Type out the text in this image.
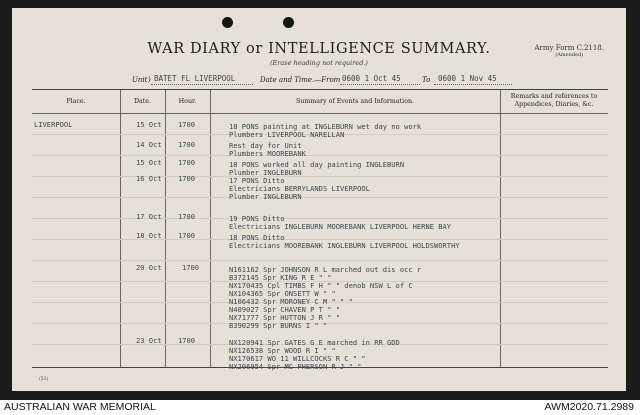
WAR DIARY or INTELLIGENCE SUMMARY.
(Erase heading not required.)
Army Form C.2118.
(Amended)
Unit ) BATET FL LIVERPOOL	Date and Time.—From 0600 1 Oct 45	To 0600 1 Nov 45
Place.	Date.	Hour.	Summary of Events and Information.
Remarks and references to Appendices, Diaries, &c.
LIVERPOOL	15 Oct 1700	18 PONS painting at INGLEBURN wet day no work
Plumbers LIVERPOOL NARELLAN
14 Oct 1700	Rest day for Unit
Plumbers MOOREBANK
15 Oct 1700	18 PONS worked all day painting INGLEBURN
Plumber INGLEBURN
16 Oct 1700	17 PONS Ditto
Electricians BERRYLANDS LIVERPOOL
Plumber INGLEBURN
17 Oct 1700	19 PONS Ditto
Electricians INGLEBURN MOOREBANK LIVERPOOL HERNE BAY
18 Oct 1700	18 PONS Ditto
Electricians MOOREBANK INGLEBURN LIVERPOOL HOLDSWORTHY
20 Oct	1700	N161162 Spr JOHNSON R L marched out dis occ r
B372145 Spr KING R E " "
NX170435 Cpl TIMBS F H " " denob NSW L of C
NX104365 Spr ONSETT W " "
N106432 Spr MORONEY C M " " "
N409027 Spr CHAVEN P T " "
NX71777 Spr HUTTON J R " "
B390299 Spr BURNS I " "
23 Oct 1700	NX120941 Spr GATES G E marched in RR GDD
NX126538 Spr WOOD R I " "
NX170617 WO 11 WILLCOCKS R C " "
NX206954 Spr MC PHERSON R J " "
(51)
AUSTRALIAN WAR MEMORIAL	AWM2020.71.2989
